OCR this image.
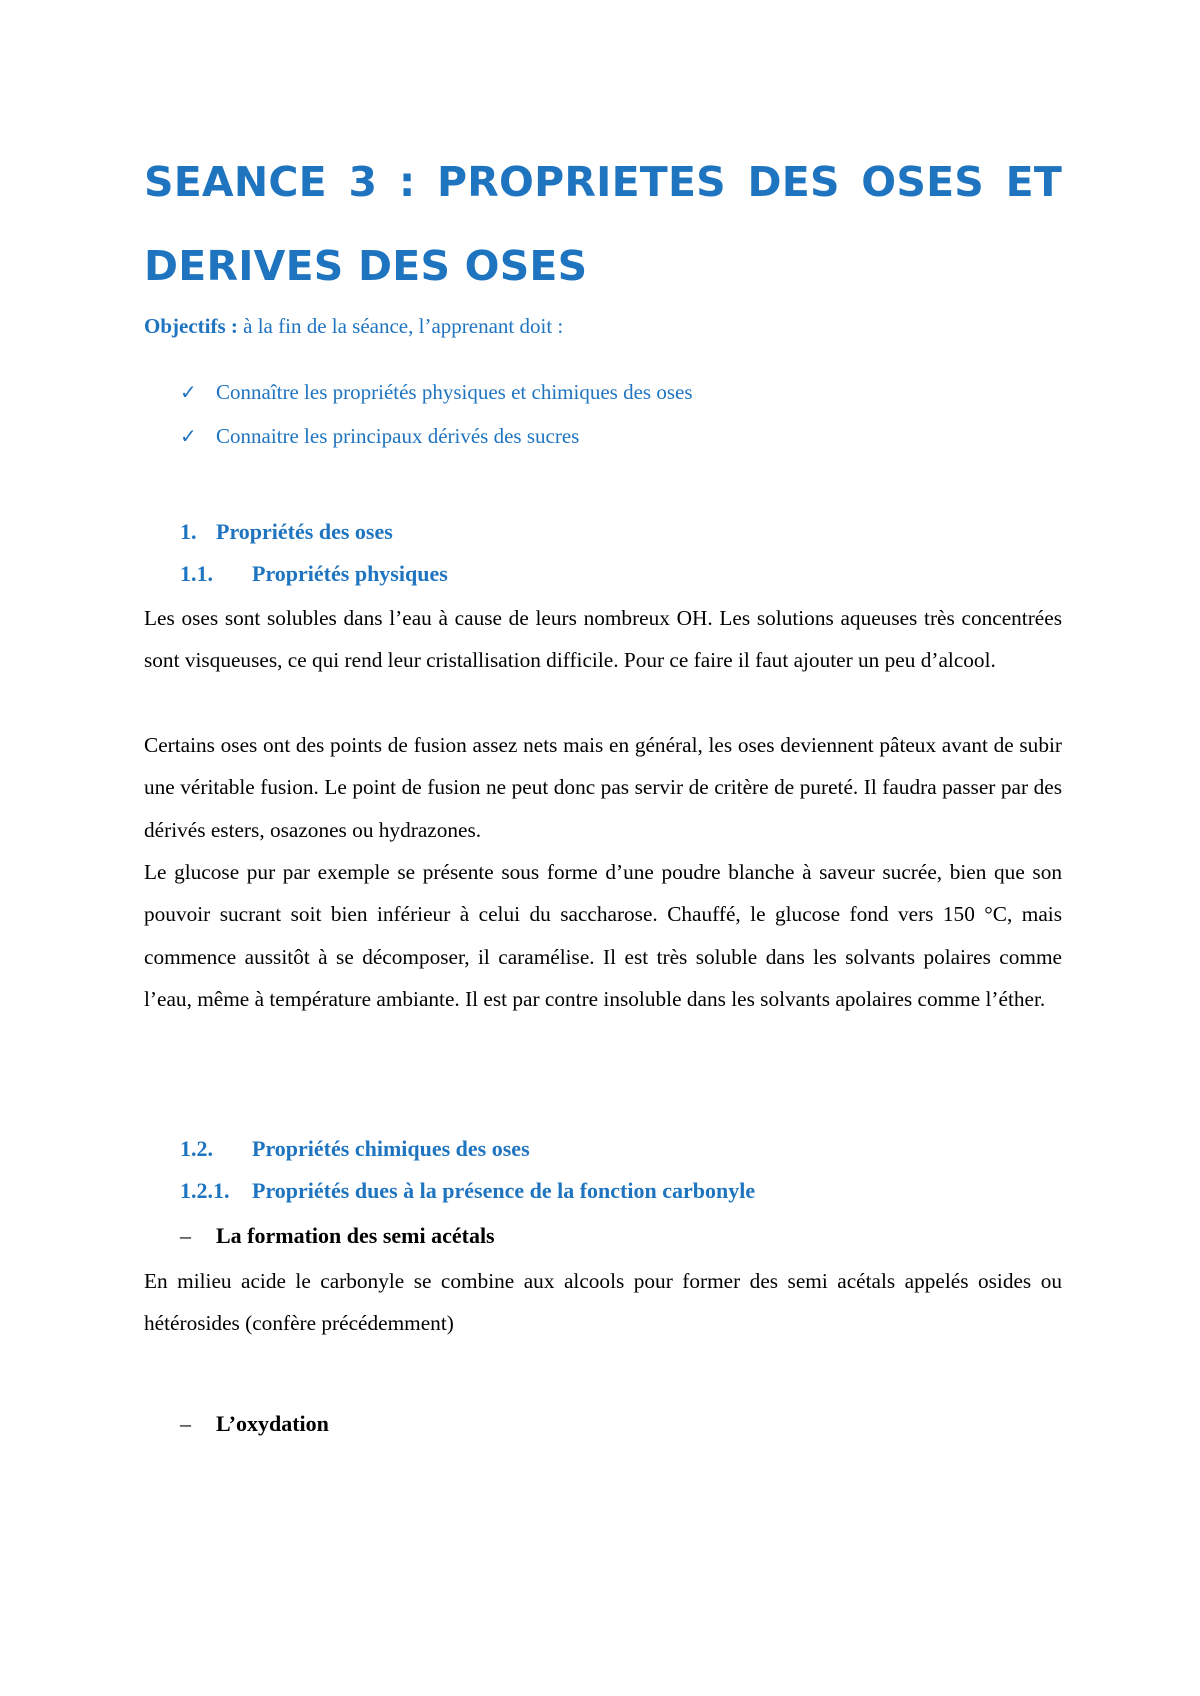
SEANCE 3 : PROPRIETES DES OSES ET DERIVES DES OSES
Objectifs : à la fin de la séance, l’apprenant doit :
✓ Connaître les propriétés physiques et chimiques des oses
✓ Connaitre les principaux dérivés des sucres
1. Propriétés des oses
1.1. Propriétés physiques

Les oses sont solubles dans l’eau à cause de leurs nombreux OH. Les solutions aqueuses très concentrées sont visqueuses, ce qui rend leur cristallisation difficile. Pour ce faire il faut ajouter un peu d’alcool.

Certains oses ont des points de fusion assez nets mais en général, les oses deviennent pâteux avant de subir une véritable fusion. Le point de fusion ne peut donc pas servir de critère de pureté. Il faudra passer par des dérivés esters, osazones ou hydrazones.

Le glucose pur par exemple se présente sous forme d’une poudre blanche à saveur sucrée, bien que son pouvoir sucrant soit bien inférieur à celui du saccharose. Chauffé, le glucose fond vers 150 °C, mais commence aussitôt à se décomposer, il caramélise. Il est très soluble dans les solvants polaires comme l’eau, même à température ambiante. Il est par contre insoluble dans les solvants apolaires comme l’éther.

1.2. Propriétés chimiques des oses
1.2.1. Propriétés dues à la présence de la fonction carbonyle
– La formation des semi acétals

En milieu acide le carbonyle se combine aux alcools pour former des semi acétals appelés osides ou hétérosides (confère précédemment)

– L’oxydation
